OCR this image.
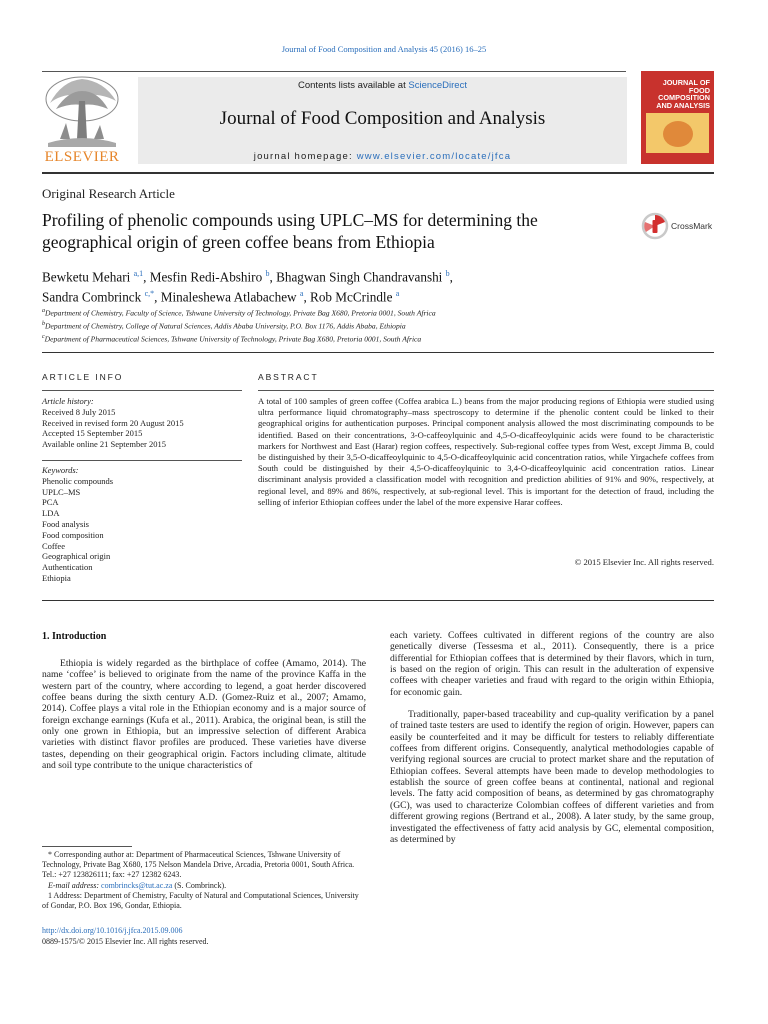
Journal of Food Composition and Analysis 45 (2016) 16–25
ELSEVIER
Contents lists available at ScienceDirect
Journal of Food Composition and Analysis
journal homepage: www.elsevier.com/locate/jfca
JOURNAL OF
FOOD
COMPOSITION
AND ANALYSIS
Original Research Article
Profiling of phenolic compounds using UPLC–MS for determining the geographical origin of green coffee beans from Ethiopia
CrossMark
Bewketu Mehari $^{a,1}$, Mesfin Redi-Abshiro $^b$, Bhagwan Singh Chandravanshi $^b$,
Sandra Combrinck $^{c,*}$, Minaleshewa Atlabachew $^a$, Rob McCrindle $^a$
$^a$Department of Chemistry, Faculty of Science, Tshwane University of Technology, Private Bag X680, Pretoria 0001, South Africa
$^b$Department of Chemistry, College of Natural Sciences, Addis Ababa University, P.O. Box 1176, Addis Ababa, Ethiopia
$^c$Department of Pharmaceutical Sciences, Tshwane University of Technology, Private Bag X680, Pretoria 0001, South Africa
ARTICLE INFO
Article history:
Received 8 July 2015
Received in revised form 20 August 2015
Accepted 15 September 2015
Available online 21 September 2015
Keywords:
Phenolic compounds
UPLC–MS
PCA
LDA
Food analysis
Food composition
Coffee
Geographical origin
Authentication
Ethiopia
ABSTRACT
A total of 100 samples of green coffee (Coffea arabica L.) beans from the major producing regions of Ethiopia were studied using ultra performance liquid chromatography–mass spectroscopy to determine if the phenolic content could be linked to their geographical origins for authentication purposes. Principal component analysis allowed the most discriminating compounds to be identified. Based on their concentrations, 3-O-caffeoylquinic and 4,5-O-dicaffeoylquinic acids were found to be characteristic markers for Northwest and East (Harar) region coffees, respectively. Sub-regional coffee types from West, except Jimma B, could be distinguished by their 3,5-O-dicaffeoylquinic to 4,5-O-dicaffeoylquinic acid concentration ratios, while Yirgachefe coffees from South could be distinguished by their 4,5-O-dicaffeoylquinic to 3,4-O-dicaffeoylquinic acid concentration ratios. Linear discriminant analysis provided a classification model with recognition and prediction abilities of 91% and 90%, respectively, at regional level, and 89% and 86%, respectively, at sub-regional level. This is important for the detection of fraud, including the selling of inferior Ethiopian coffees under the label of the more expensive Harar coffees.
© 2015 Elsevier Inc. All rights reserved.
1. Introduction

Ethiopia is widely regarded as the birthplace of coffee (Amamo, 2014). The name ‘coffee’ is believed to originate from the name of the province Kaffa in the western part of the country, where according to legend, a goat herder discovered coffee beans during the sixth century A.D. (Gomez-Ruiz et al., 2007; Amamo, 2014). Coffee plays a vital role in the Ethiopian economy and is a major source of foreign exchange earnings (Kufa et al., 2011). Arabica, the original bean, is still the only one grown in Ethiopia, but an impressive selection of different Arabica varieties with distinct flavor profiles are produced. These varieties have diverse tastes, depending on their geographical origin. Factors including climate, altitude and soil type contribute to the unique characteristics of

each variety. Coffees cultivated in different regions of the country are also genetically diverse (Tessesma et al., 2011). Consequently, there is a price differential for Ethiopian coffees that is determined by their flavors, which in turn, is based on the region of origin. This can result in the adulteration of expensive coffees with cheaper varieties and fraud with regard to the origin within Ethiopia, for economic gain.

Traditionally, paper-based traceability and cup-quality verification by a panel of trained taste testers are used to identify the region of origin. However, papers can easily be counterfeited and it may be difficult for testers to reliably differentiate coffees from different origins. Consequently, analytical methodologies capable of verifying regional sources are crucial to protect market share and the reputation of Ethiopian coffees. Several attempts have been made to develop methodologies to establish the source of green coffee beans at continental, national and regional levels. The fatty acid composition of beans, as determined by gas chromatography (GC), was used to characterize Colombian coffees of different varieties and from different growing regions (Bertrand et al., 2008). A later study, by the same group, investigated the effectiveness of fatty acid analysis by GC, elemental composition, as determined by

* Corresponding author at: Department of Pharmaceutical Sciences, Tshwane University of Technology, Private Bag X680, 175 Nelson Mandela Drive, Arcadia, Pretoria 0001, South Africa. Tel.: +27 123826111; fax: +27 12382 6243.

E-mail address: combrincks@tut.ac.za (S. Combrinck).

1 Address: Department of Chemistry, Faculty of Natural and Computational Sciences, University of Gondar, P.O. Box 196, Gondar, Ethiopia.

http://dx.doi.org/10.1016/j.jfca.2015.09.006
0889-1575/© 2015 Elsevier Inc. All rights reserved.
